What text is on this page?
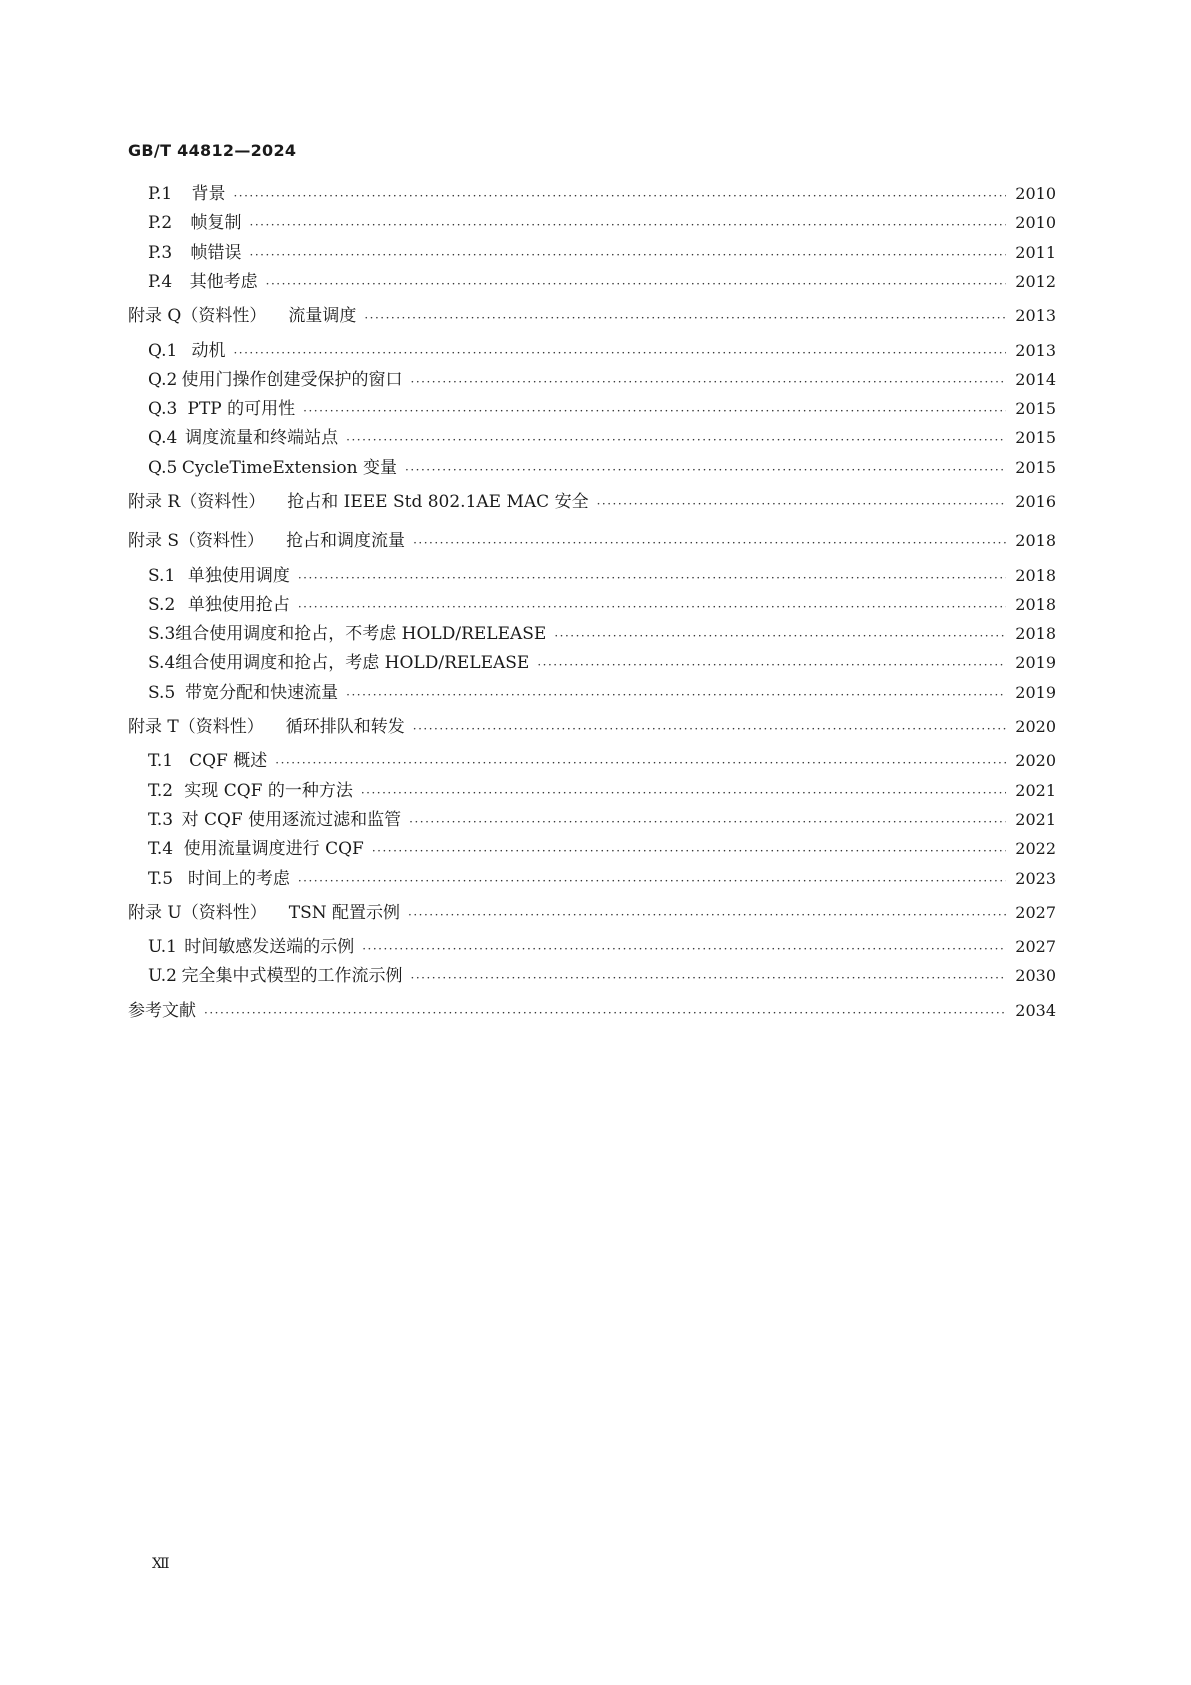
GB/T 44812—2024
P.1	背景 ·····	2010
P.2	帧复制 ·····	2010
P.3	帧错误 ·····	2011
P.4	其他考虑 ·····	2012
附录 Q（资料性） 流量调度 ·····	2013
Q.1 动机 ·····	2013
Q.2 使用门操作创建受保护的窗口 ·····	2014
Q.3 PTP 的可用性 ·····	2015
Q.4 调度流量和终端站点 ·····	2015
Q.5 CycleTimeExtension 变量 ·····	2015
附录 R（资料性） 抢占和 IEEE Std 802.1AE MAC 安全 ·····	2016
附录 S（资料性） 抢占和调度流量 ·····	2018
S.1 单独使用调度 ·····	2018
S.2 单独使用抢占 ·····	2018
S.3 组合使用调度和抢占，不考虑 HOLD/RELEASE ·····	2018
S.4 组合使用调度和抢占，考虑 HOLD/RELEASE ·····	2019
S.5 带宽分配和快速流量 ·····	2019
附录 T（资料性） 循环排队和转发 ·····	2020
T.1 CQF 概述 ·····	2020
T.2 实现 CQF 的一种方法 ·····	2021
T.3 对 CQF 使用逐流过滤和监管 ·····	2021
T.4 使用流量调度进行 CQF ·····	2022
T.5 时间上的考虑 ·····	2023
附录 U（资料性） TSN 配置示例 ·····	2027
U.1 时间敏感发送端的示例 ·····	2027
U.2 完全集中式模型的工作流示例 ·····	2030
参考文献 ·····	2034
Ⅻ
